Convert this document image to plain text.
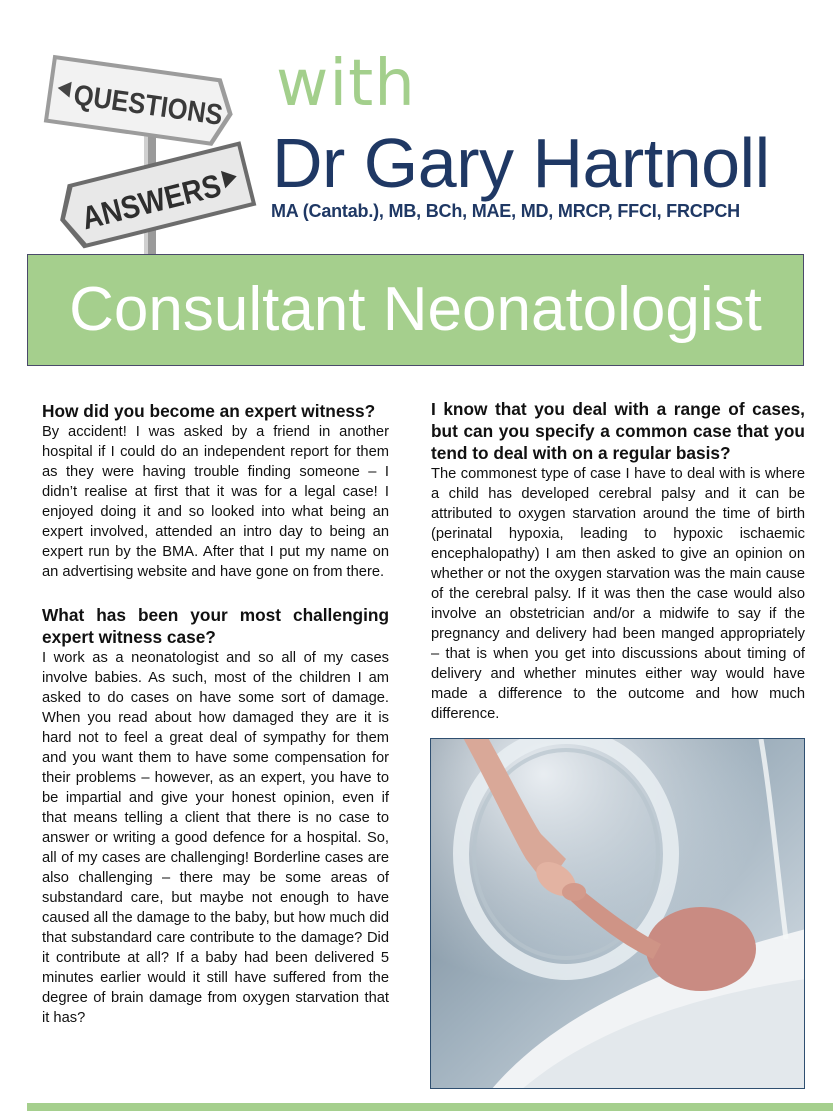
QUESTIONS
ANSWERS
with
Dr Gary Hartnoll
MA (Cantab.), MB, BCh, MAE, MD, MRCP, FFCI, FRCPCH
Consultant Neonatologist

How did you become an expert witness?

By accident! I was asked by a friend in another hospital if I could do an independent report for them as they were having trouble finding someone – I didn’t realise at first that it was for a legal case! I enjoyed doing it and so looked into what being an expert involved, attended an intro day to being an expert run by the BMA. After that I put my name on an advertising website and have gone on from there.

What has been your most challenging expert witness case?

I work as a neonatologist and so all of my cases involve babies. As such, most of the children I am asked to do cases on have some sort of damage. When you read about how damaged they are it is hard not to feel a great deal of sympathy for them and you want them to have some compensation for their problems – however, as an expert, you have to be impartial and give your honest opinion, even if that means telling a client that there is no case to answer or writing a good defence for a hospital. So, all of my cases are challenging! Borderline cases are also challenging – there may be some areas of substandard care, but maybe not enough to have caused all the damage to the baby, but how much did that substandard care contribute to the damage? Did it contribute at all? If a baby had been delivered 5 minutes earlier would it still have suffered from the degree of brain damage from oxygen starvation that it has?

I know that you deal with a range of cases, but can you specify a common case that you tend to deal with on a regular basis?

The commonest type of case I have to deal with is where a child has developed cerebral palsy and it can be attributed to oxygen starvation around the time of birth (perinatal hypoxia, leading to hypoxic ischaemic encephalopathy) I am then asked to give an opinion on whether or not the oxygen starvation was the main cause of the cerebral palsy. If it was then the case would also involve an obstetrician and/or a midwife to say if the pregnancy and delivery had been manged appropriately – that is when you get into discussions about timing of delivery and whether minutes either way would have made a difference to the outcome and how much difference.
